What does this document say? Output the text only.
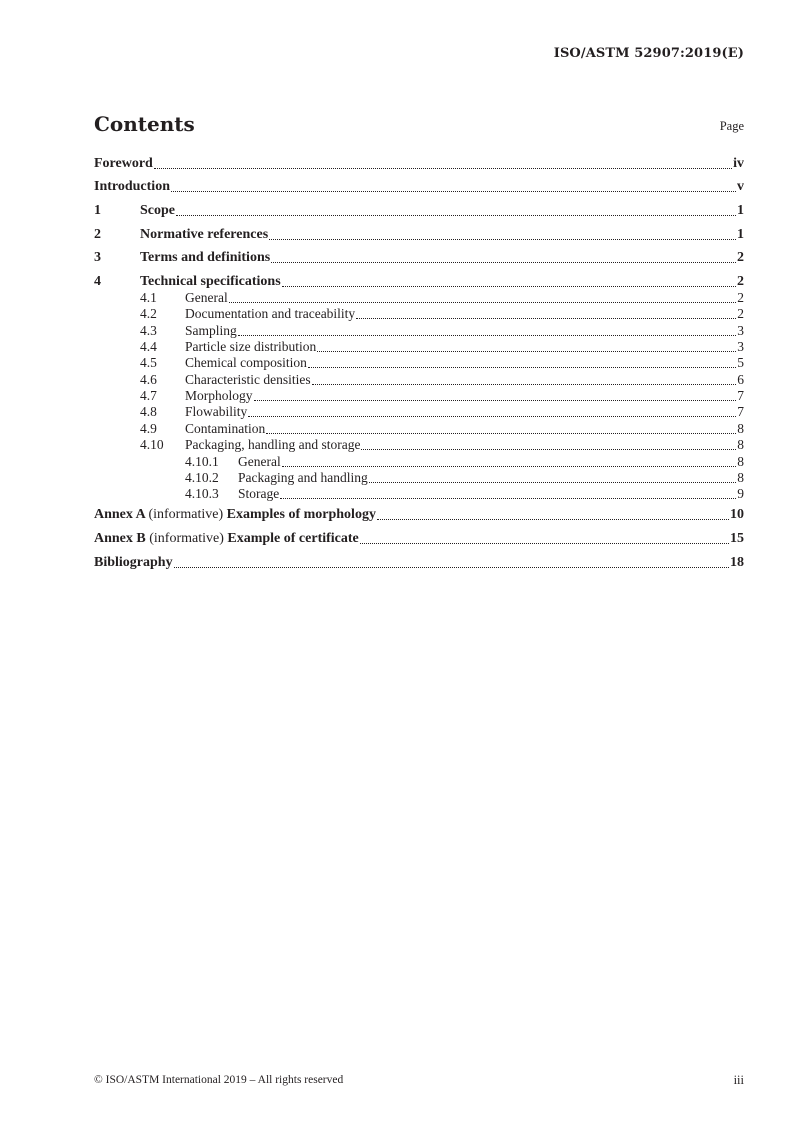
ISO/ASTM 52907:2019(E)
Contents	Page
Foreword	iv
Introduction	v
1	Scope	1
2	Normative references	1
3	Terms and definitions	2
4	Technical specifications	2
4.1	General	2
4.2	Documentation and traceability	2
4.3	Sampling	3
4.4	Particle size distribution	3
4.5	Chemical composition	5
4.6	Characteristic densities	6
4.7	Morphology	7
4.8	Flowability	7
4.9	Contamination	8
4.10	Packaging, handling and storage	8
4.10.1	General	8
4.10.2	Packaging and handling	8
4.10.3	Storage	9
Annex A (informative) Examples of morphology	10
Annex B (informative) Example of certificate	15
Bibliography	18
© ISO/ASTM International 2019 – All rights reserved	iii
